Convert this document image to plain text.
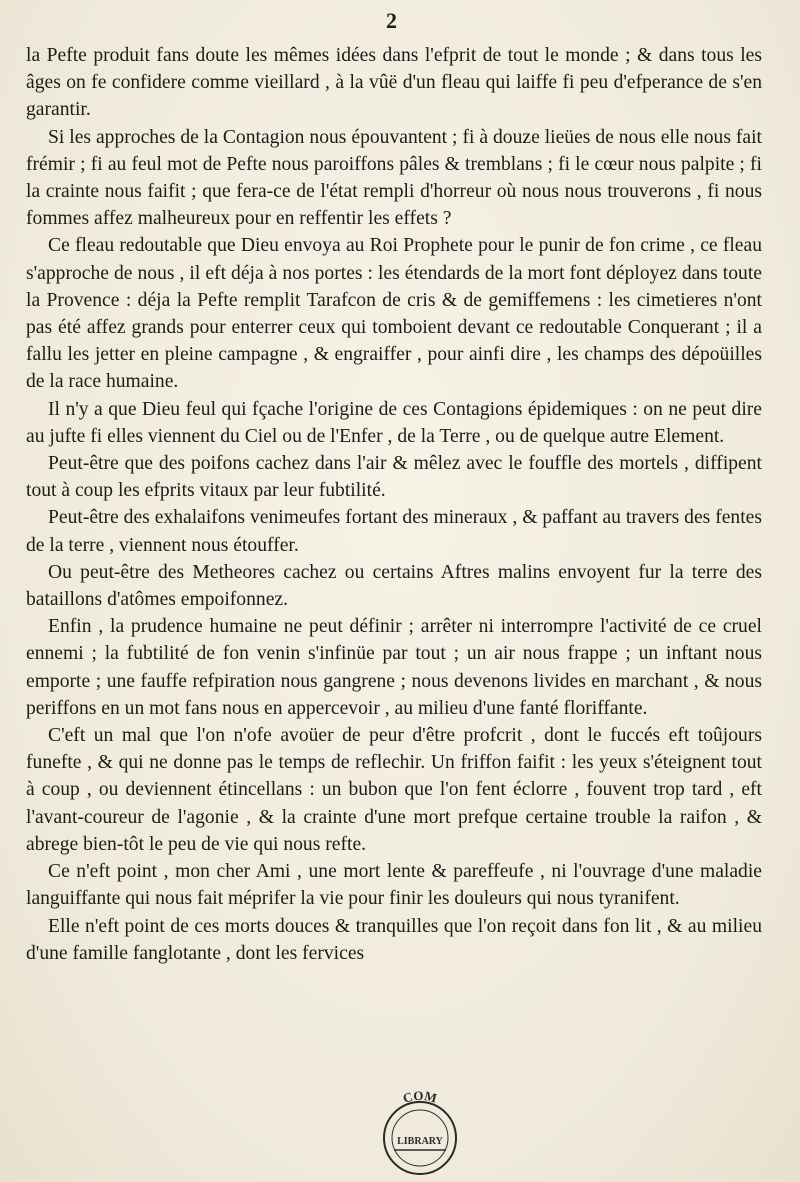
2

la Pefte produit fans doute les mêmes idées dans l'efprit de tout le monde ; & dans tous les âges on fe confidere comme vieillard , à la vûë d'un fleau qui laiffe fi peu d'efperance de s'en garantir.

Si les approches de la Contagion nous épouvantent ; fi à douze lieües de nous elle nous fait frémir ; fi au feul mot de Pefte nous paroiffons pâles & tremblans ; fi le cœur nous palpite ; fi la crainte nous faifit ; que fera-ce de l'état rempli d'horreur où nous nous trouverons , fi nous fommes affez malheureux pour en reffentir les effets ?

Ce fleau redoutable que Dieu envoya au Roi Prophete pour le punir de fon crime , ce fleau s'approche de nous , il eft déja à nos portes : les étendards de la mort font déployez dans toute la Provence : déja la Pefte remplit Tarafcon de cris & de gemiffemens : les cimetieres n'ont pas été affez grands pour enterrer ceux qui tomboient devant ce redoutable Conquerant ; il a fallu les jetter en pleine campagne , & engraiffer , pour ainfi dire , les champs des dépoüilles de la race humaine.

Il n'y a que Dieu feul qui fçache l'origine de ces Contagions épidemiques : on ne peut dire au jufte fi elles viennent du Ciel ou de l'Enfer , de la Terre , ou de quelque autre Element.

Peut-être que des poifons cachez dans l'air & mêlez avec le fouffle des mortels , diffipent tout à coup les efprits vitaux par leur fubtilité.

Peut-être des exhalaifons venimeufes fortant des mineraux , & paffant au travers des fentes de la terre , viennent nous étouffer.

Ou peut-être des Metheores cachez ou certains Aftres malins envoyent fur la terre des bataillons d'atômes empoifonnez.

Enfin , la prudence humaine ne peut définir ; arrêter ni interrompre l'activité de ce cruel ennemi ; la fubtilité de fon venin s'infinüe par tout ; un air nous frappe ; un inftant nous emporte ; une fauffe refpiration nous gangrene ; nous devenons livides en marchant , & nous periffons en un mot fans nous en appercevoir , au milieu d'une fanté floriffante.

C'eft un mal que l'on n'ofe avoüer de peur d'être profcrit , dont le fuccés eft toûjours funefte , & qui ne donne pas le temps de reflechir. Un friffon faifit : les yeux s'éteignent tout à coup , ou deviennent étincellans : un bubon que l'on fent éclorre , fouvent trop tard , eft l'avant-coureur de l'agonie , & la crainte d'une mort prefque certaine trouble la raifon , & abrege bien-tôt le peu de vie qui nous refte.

Ce n'eft point , mon cher Ami , une mort lente & pareffeufe , ni l'ouvrage d'une maladie languiffante qui nous fait méprifer la vie pour finir les douleurs qui nous tyranifent.

Elle n'eft point de ces morts douces & tranquilles que l'on reçoit dans fon lit , & au milieu d'une famille fanglotante , dont les fervices

COM
LIBRARY
